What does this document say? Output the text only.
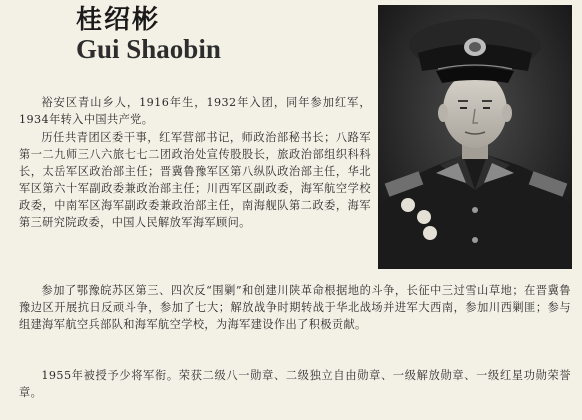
桂绍彬
Gui Shaobin

裕安区青山乡人，1916年生，1932年入团，同年参加红军，1934年转入中国共产党。

历任共青团区委干事，红军营部书记，师政治部秘书长；八路军第一二九师三八六旅七七二团政治处宣传股股长，旅政治部组织科科长，太岳军区政治部主任；晋冀鲁豫军区第八纵队政治部主任，华北军区第六十军副政委兼政治部主任；川西军区副政委，海军航空学校政委，中南军区海军副政委兼政治部主任，南海舰队第二政委，海军第三研究院政委，中国人民解放军海军顾问。

参加了鄂豫皖苏区第三、四次反“围剿”和创建川陕革命根据地的斗争，长征中三过雪山草地；在晋冀鲁豫边区开展抗日反顽斗争，参加了七大；解放战争时期转战于华北战场并进军大西南，参加川西剿匪；参与组建海军航空兵部队和海军航空学校，为海军建设作出了积极贡献。

1955年被授予少将军衔。荣获二级八一勋章、二级独立自由勋章、一级解放勋章、一级红星功勋荣誉章。
